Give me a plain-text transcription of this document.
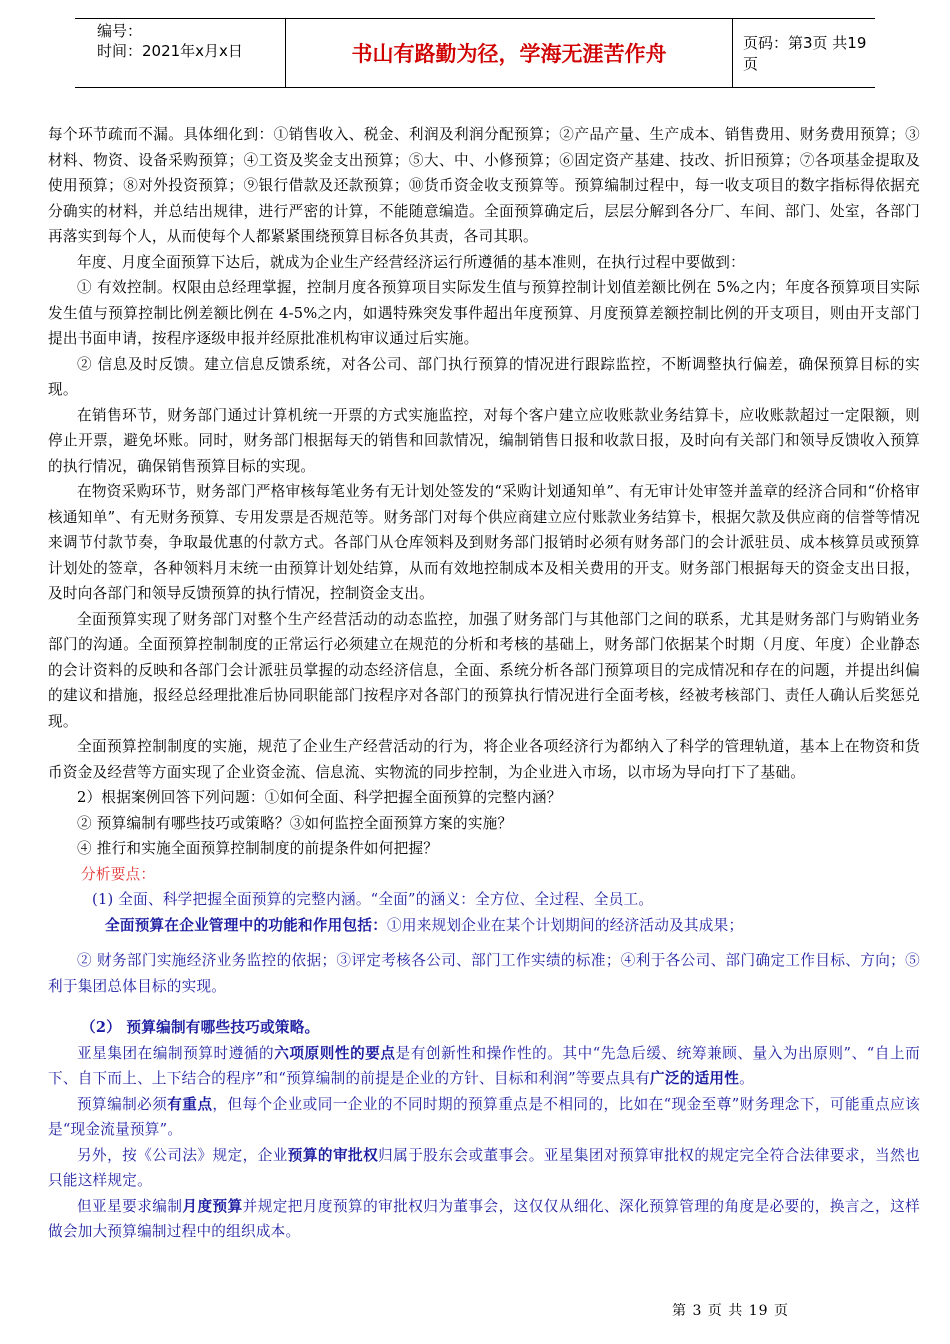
编号：
时间：2021年x月x日	书山有路勤为径，学海无涯苦作舟	页码：第3页 共19页

每个环节疏而不漏。具体细化到：①销售收入、税金、利润及利润分配预算；②产品产量、生产成本、销售费用、财务费用预算；③材料、物资、设备采购预算；④工资及奖金支出预算；⑤大、中、小修预算；⑥固定资产基建、技改、折旧预算；⑦各项基金提取及使用预算；⑧对外投资预算；⑨银行借款及还款预算；⑩货币资金收支预算等。预算编制过程中，每一收支项目的数字指标得依据充分确实的材料，并总结出规律，进行严密的计算，不能随意编造。全面预算确定后，层层分解到各分厂、车间、部门、处室，各部门再落实到每个人，从而使每个人都紧紧围绕预算目标各负其责，各司其职。

年度、月度全面预算下达后，就成为企业生产经营经济运行所遵循的基本准则，在执行过程中要做到：

① 有效控制。权限由总经理掌握，控制月度各预算项目实际发生值与预算控制计划值差额比例在 5%之内；年度各预算项目实际发生值与预算控制比例差额比例在 4-5%之内，如遇特殊突发事件超出年度预算、月度预算差额控制比例的开支项目，则由开支部门提出书面申请，按程序逐级申报并经原批准机构审议通过后实施。

② 信息及时反馈。建立信息反馈系统，对各公司、部门执行预算的情况进行跟踪监控，不断调整执行偏差，确保预算目标的实现。

在销售环节，财务部门通过计算机统一开票的方式实施监控，对每个客户建立应收账款业务结算卡，应收账款超过一定限额，则停止开票，避免坏账。同时，财务部门根据每天的销售和回款情况，编制销售日报和收款日报，及时向有关部门和领导反馈收入预算的执行情况，确保销售预算目标的实现。

在物资采购环节，财务部门严格审核每笔业务有无计划处签发的“采购计划通知单”、有无审计处审签并盖章的经济合同和“价格审核通知单”、有无财务预算、专用发票是否规范等。财务部门对每个供应商建立应付账款业务结算卡，根据欠款及供应商的信誉等情况来调节付款节奏，争取最优惠的付款方式。各部门从仓库领料及到财务部门报销时必须有财务部门的会计派驻员、成本核算员或预算计划处的签章，各种领料月末统一由预算计划处结算，从而有效地控制成本及相关费用的开支。财务部门根据每天的资金支出日报，及时向各部门和领导反馈预算的执行情况，控制资金支出。

全面预算实现了财务部门对整个生产经营活动的动态监控，加强了财务部门与其他部门之间的联系，尤其是财务部门与购销业务部门的沟通。全面预算控制制度的正常运行必须建立在规范的分析和考核的基础上，财务部门依据某个时期（月度、年度）企业静态的会计资料的反映和各部门会计派驻员掌握的动态经济信息，全面、系统分析各部门预算项目的完成情况和存在的问题，并提出纠偏的建议和措施，报经总经理批准后协同职能部门按程序对各部门的预算执行情况进行全面考核，经被考核部门、责任人确认后奖惩兑现。

全面预算控制制度的实施，规范了企业生产经营活动的行为，将企业各项经济行为都纳入了科学的管理轨道，基本上在物资和货币资金及经营等方面实现了企业资金流、信息流、实物流的同步控制，为企业进入市场，以市场为导向打下了基础。

2）根据案例回答下列问题：①如何全面、科学把握全面预算的完整内涵？

② 预算编制有哪些技巧或策略？③如何监控全面预算方案的实施？

④ 推行和实施全面预算控制制度的前提条件如何把握？

分析要点：

(1) 全面、科学把握全面预算的完整内涵。“全面”的涵义：全方位、全过程、全员工。

全面预算在企业管理中的功能和作用包括：①用来规划企业在某个计划期间的经济活动及其成果；

② 财务部门实施经济业务监控的依据；③评定考核各公司、部门工作实绩的标准；④利于各公司、部门确定工作目标、方向；⑤利于集团总体目标的实现。

（2） 预算编制有哪些技巧或策略。

亚星集团在编制预算时遵循的六项原则性的要点是有创新性和操作性的。其中“先急后缓、统筹兼顾、量入为出原则”、“自上而下、自下而上、上下结合的程序”和“预算编制的前提是企业的方针、目标和利润”等要点具有广泛的适用性。

预算编制必须有重点，但每个企业或同一企业的不同时期的预算重点是不相同的，比如在“现金至尊”财务理念下，可能重点应该是“现金流量预算”。

另外，按《公司法》规定，企业预算的审批权归属于股东会或董事会。亚星集团对预算审批权的规定完全符合法律要求，当然也只能这样规定。

但亚星要求编制月度预算并规定把月度预算的审批权归为董事会，这仅仅从细化、深化预算管理的角度是必要的，换言之，这样做会加大预算编制过程中的组织成本。

第 3 页 共 19 页
